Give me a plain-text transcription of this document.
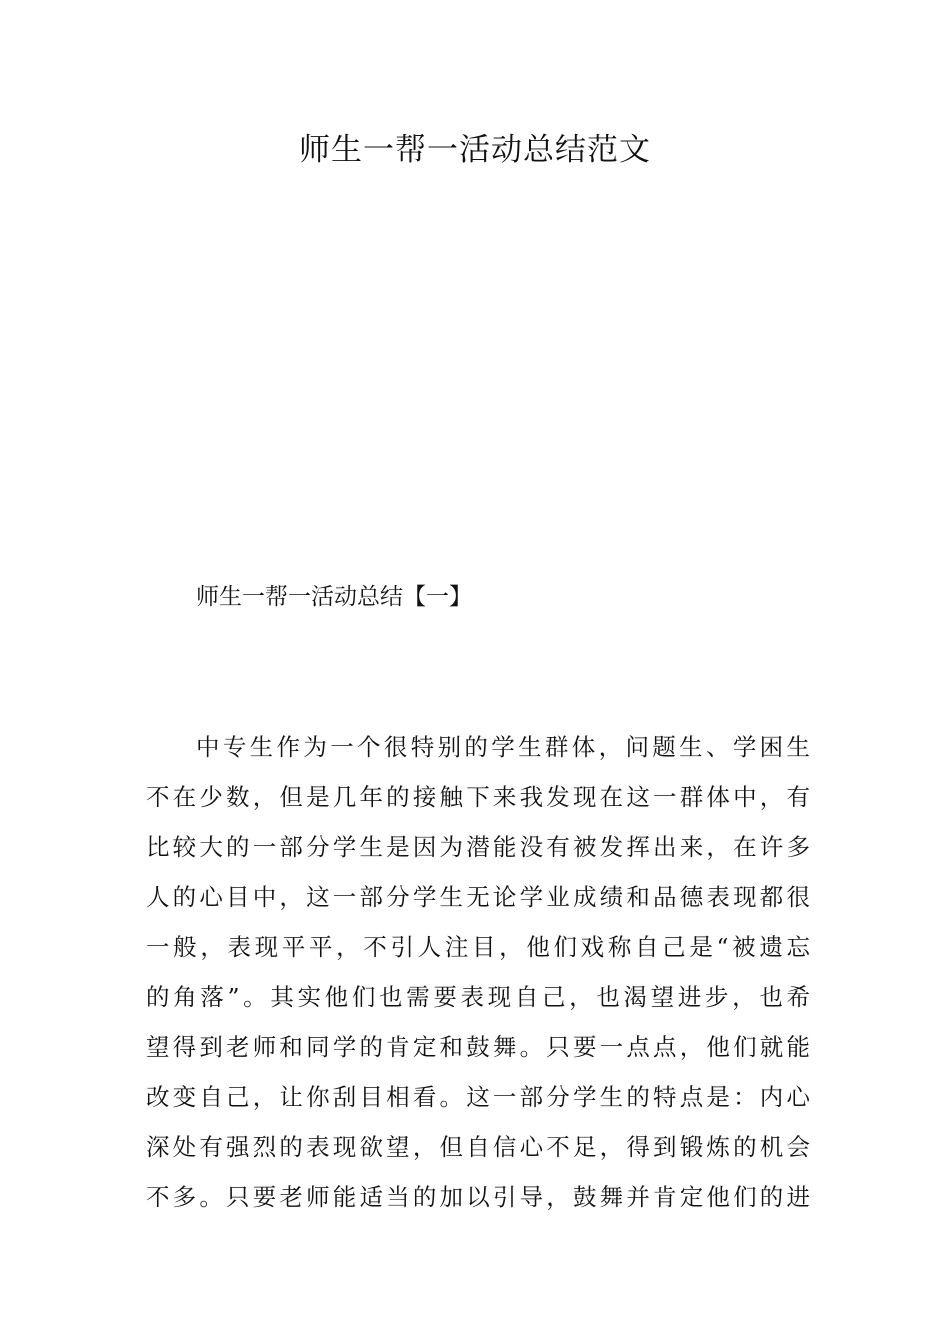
师生一帮一活动总结范文
师生一帮一活动总结【一】
中专生作为一个很特别的学生群体，问题生、学困生
不在少数，但是几年的接触下来我发现在这一群体中，有
比较大的一部分学生是因为潜能没有被发挥出来，在许多
人的心目中，这一部分学生无论学业成绩和品德表现都很
一般，表现平平，不引人注目，他们戏称自己是“被遗忘
的角落”。其实他们也需要表现自己，也渴望进步，也希
望得到老师和同学的肯定和鼓舞。只要一点点，他们就能
改变自己，让你刮目相看。这一部分学生的特点是：内心
深处有强烈的表现欲望，但自信心不足，得到锻炼的机会
不多。只要老师能适当的加以引导，鼓舞并肯定他们的进
